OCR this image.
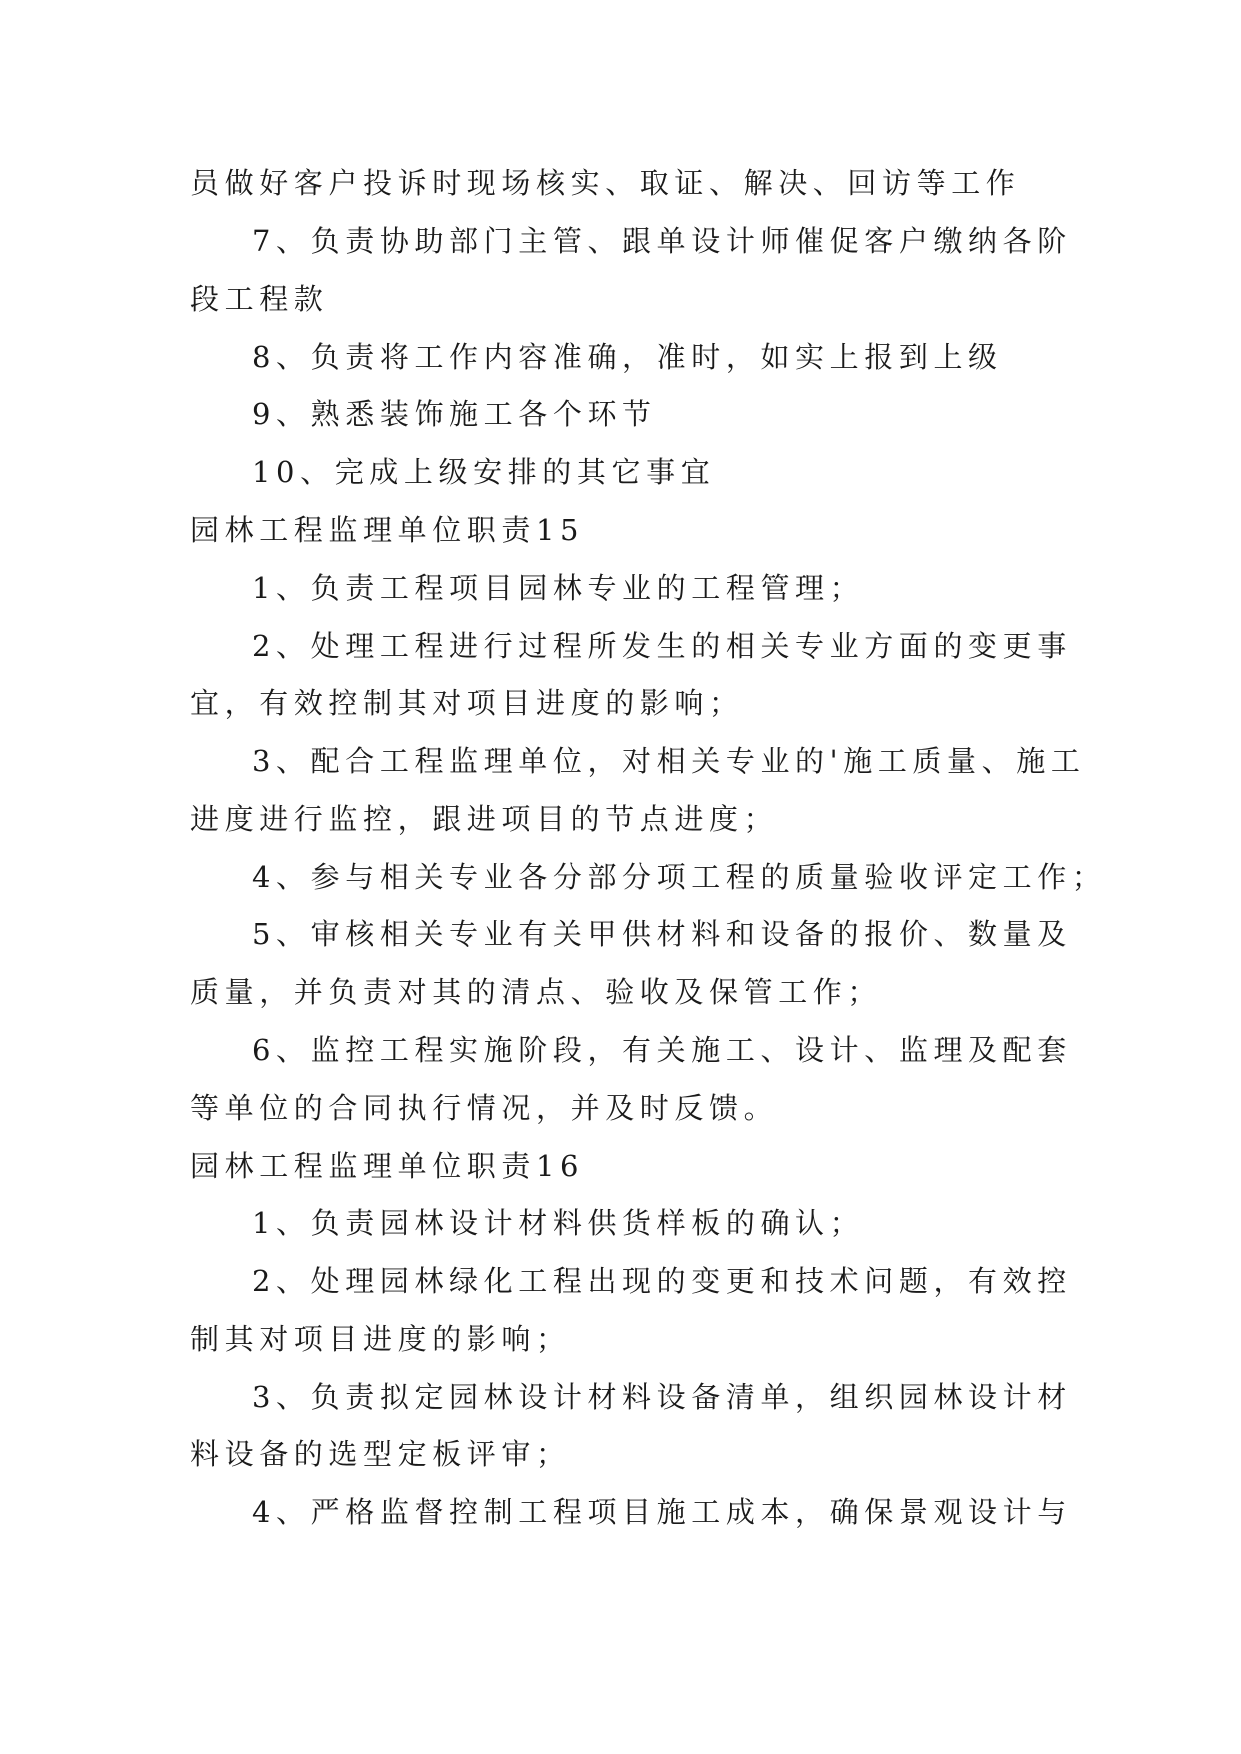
员做好客户投诉时现场核实、取证、解决、回访等工作
7、负责协助部门主管、跟单设计师催促客户缴纳各阶
段工程款
8、负责将工作内容准确，准时，如实上报到上级
9、熟悉装饰施工各个环节
10、完成上级安排的其它事宜
园林工程监理单位职责15
1、负责工程项目园林专业的工程管理；
2、处理工程进行过程所发生的相关专业方面的变更事
宜，有效控制其对项目进度的影响；
3、配合工程监理单位，对相关专业的'施工质量、施工
进度进行监控，跟进项目的节点进度；
4、参与相关专业各分部分项工程的质量验收评定工作；
5、审核相关专业有关甲供材料和设备的报价、数量及
质量，并负责对其的清点、验收及保管工作；
6、监控工程实施阶段，有关施工、设计、监理及配套
等单位的合同执行情况，并及时反馈。
园林工程监理单位职责16
1、负责园林设计材料供货样板的确认；
2、处理园林绿化工程出现的变更和技术问题，有效控
制其对项目进度的影响；
3、负责拟定园林设计材料设备清单，组织园林设计材
料设备的选型定板评审；
4、严格监督控制工程项目施工成本，确保景观设计与
